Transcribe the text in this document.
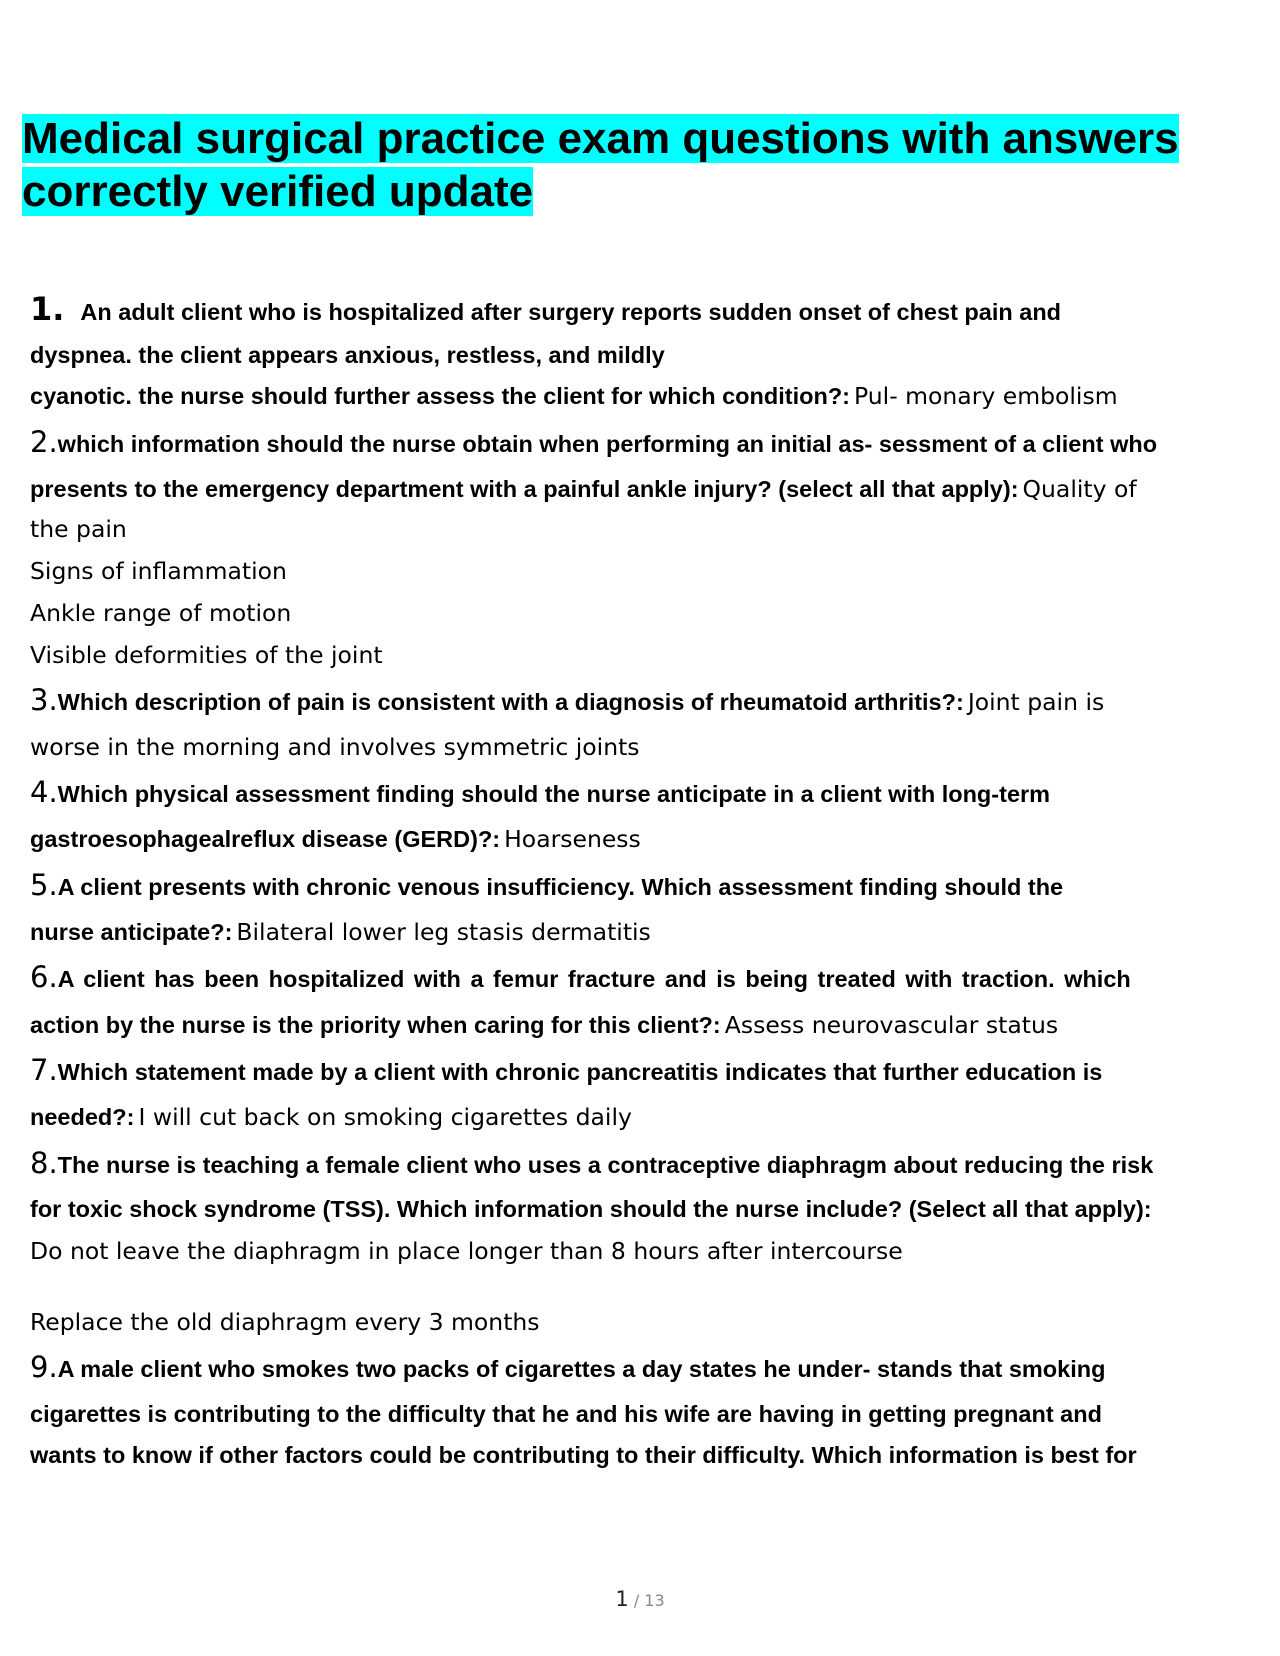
Medical surgical practice exam questions with answers
correctly verified update
1. An adult client who is hospitalized after surgery reports sudden onset of chest pain and
dyspnea. the client appears anxious, restless, and mildly
cyanotic. the nurse should further assess the client for which condition?: Pul- monary embolism
2.which information should the nurse obtain when performing an initial as- sessment of a client who
presents to the emergency department with a painful ankle injury? (select all that apply): Quality of
the pain
Signs of inflammation
Ankle range of motion
Visible deformities of the joint
3.Which description of pain is consistent with a diagnosis of rheumatoid arthritis?: Joint pain is
worse in the morning and involves symmetric joints
4.Which physical assessment finding should the nurse anticipate in a client with long-term
gastroesophagealreflux disease (GERD)?: Hoarseness
5.A client presents with chronic venous insufficiency. Which assessment finding should the
nurse anticipate?: Bilateral lower leg stasis dermatitis
6.A client has been hospitalized with a femur fracture and is being treated with traction. which
action by the nurse is the priority when caring for this client?: Assess neurovascular status
7.Which statement made by a client with chronic pancreatitis indicates that further education is
needed?: I will cut back on smoking cigarettes daily
8.The nurse is teaching a female client who uses a contraceptive diaphragm about reducing the risk
for toxic shock syndrome (TSS). Which information should the nurse include? (Select all that apply):
Do not leave the diaphragm in place longer than 8 hours after intercourse
Replace the old diaphragm every 3 months
9.A male client who smokes two packs of cigarettes a day states he under- stands that smoking
cigarettes is contributing to the difficulty that he and his wife are having in getting pregnant and
wants to know if other factors could be contributing to their difficulty. Which information is best for
1 / 13
